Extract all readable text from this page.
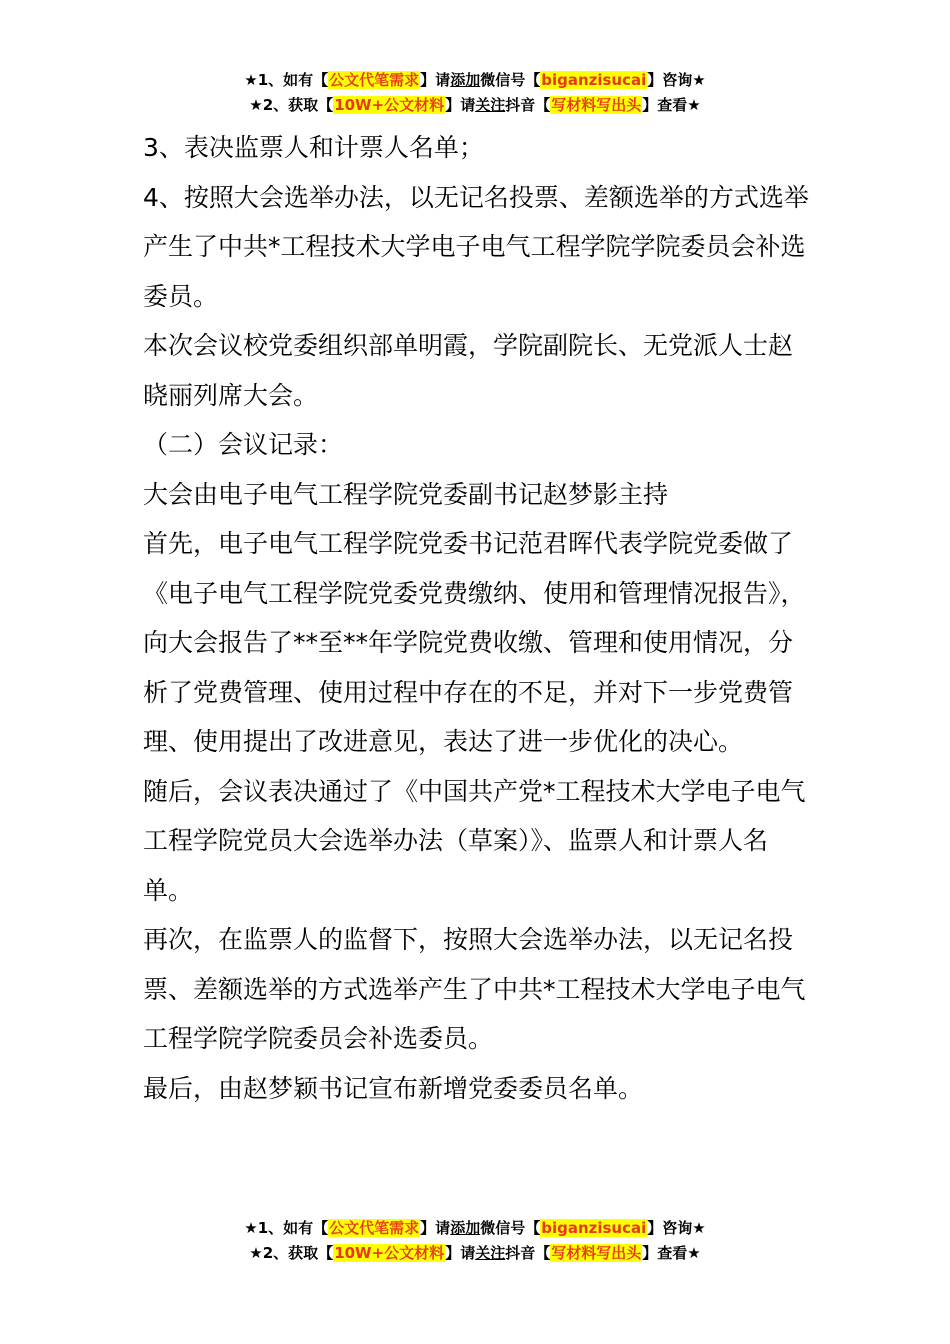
★1、如有【公文代笔需求】请添加微信号【biganzisucai】咨询★
★2、获取【10W+公文材料】请关注抖音【写材料写出头】查看★

3、表决监票人和计票人名单；

4、按照大会选举办法，以无记名投票、差额选举的方式选举产生了中共*工程技术大学电子电气工程学院学院委员会补选委员。

本次会议校党委组织部单明霞，学院副院长、无党派人士赵晓丽列席大会。

（二）会议记录：

大会由电子电气工程学院党委副书记赵梦影主持

首先，电子电气工程学院党委书记范君晖代表学院党委做了《电子电气工程学院党委党费缴纳、使用和管理情况报告》，向大会报告了**至**年学院党费收缴、管理和使用情况，分析了党费管理、使用过程中存在的不足，并对下一步党费管理、使用提出了改进意见，表达了进一步优化的决心。

随后，会议表决通过了《中国共产党*工程技术大学电子电气工程学院党员大会选举办法（草案）》、监票人和计票人名单。

再次，在监票人的监督下，按照大会选举办法，以无记名投票、差额选举的方式选举产生了中共*工程技术大学电子电气工程学院学院委员会补选委员。

最后，由赵梦颖书记宣布新增党委委员名单。

★1、如有【公文代笔需求】请添加微信号【biganzisucai】咨询★
★2、获取【10W+公文材料】请关注抖音【写材料写出头】查看★
